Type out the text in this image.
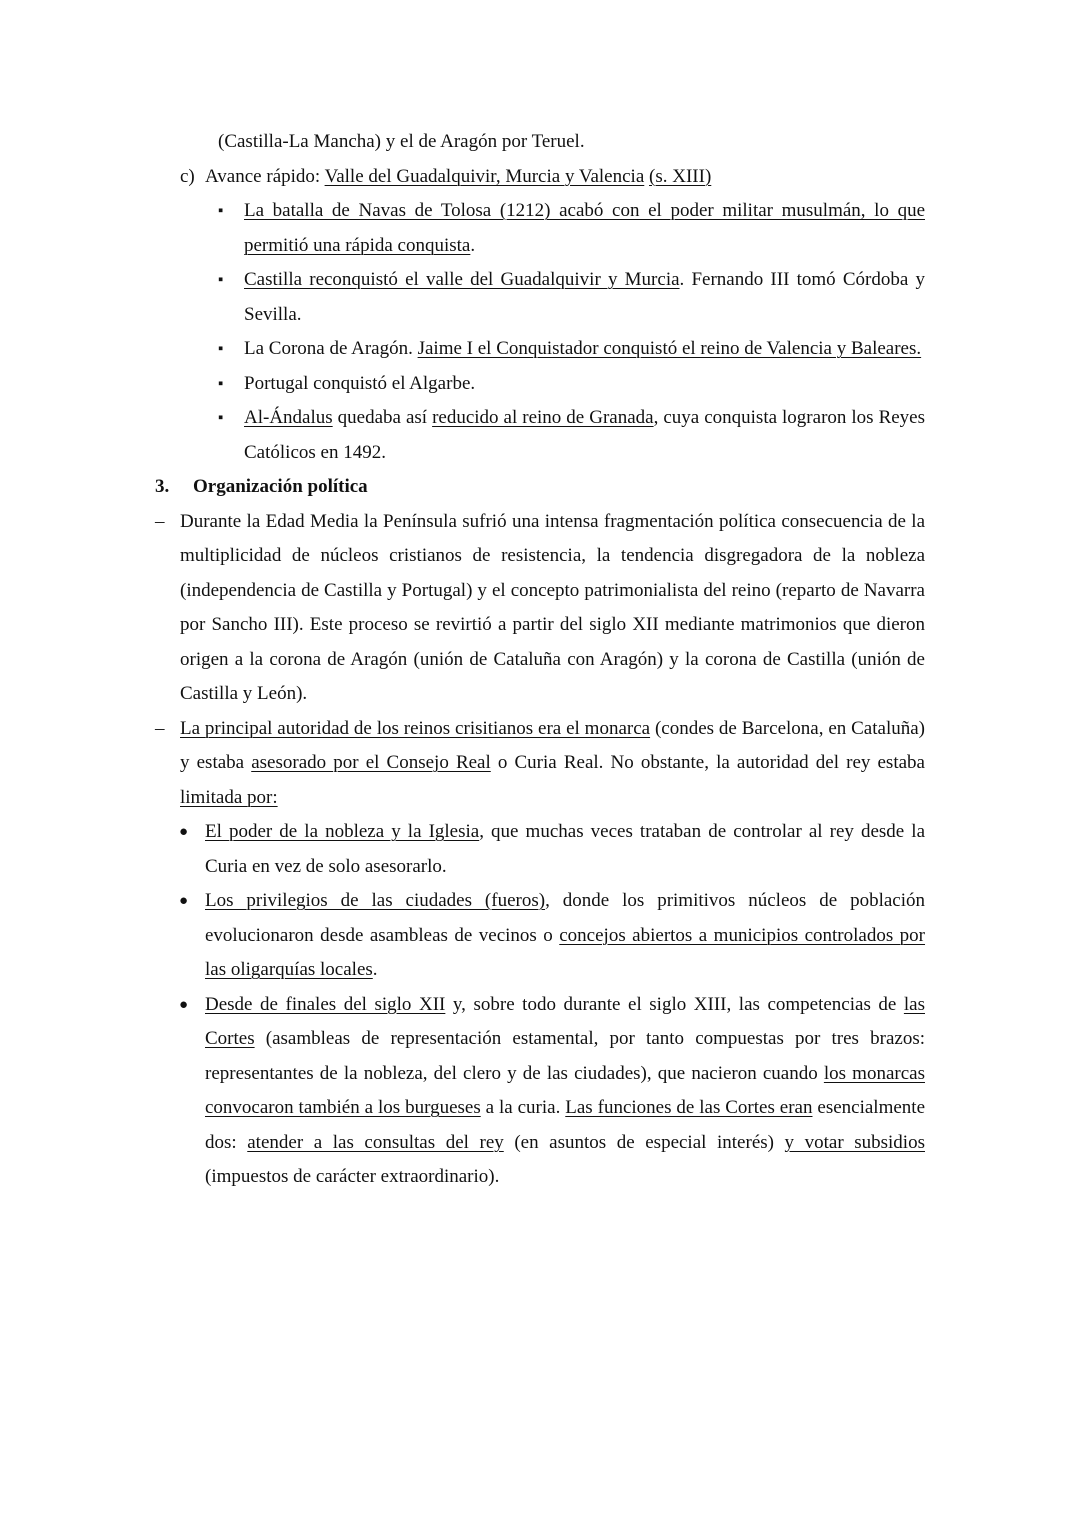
(Castilla-La Mancha) y el de Aragón por Teruel.
c) Avance rápido: Valle del Guadalquivir, Murcia y Valencia (s. XIII)
▪ La batalla de Navas de Tolosa (1212) acabó con el poder militar musulmán, lo que permitió una rápida conquista.
▪ Castilla reconquistó el valle del Guadalquivir y Murcia. Fernando III tomó Córdoba y Sevilla.
▪ La Corona de Aragón. Jaime I el Conquistador conquistó el reino de Valencia y Baleares.
▪ Portugal conquistó el Algarbe.
▪ Al-Ándalus quedaba así reducido al reino de Granada, cuya conquista lograron los Reyes Católicos en 1492.
3. Organización política
– Durante la Edad Media la Península sufrió una intensa fragmentación política consecuencia de la multiplicidad de núcleos cristianos de resistencia, la tendencia disgregadora de la nobleza (independencia de Castilla y Portugal) y el concepto patrimonialista del reino (reparto de Navarra por Sancho III). Este proceso se revirtió a partir del siglo XII mediante matrimonios que dieron origen a la corona de Aragón (unión de Cataluña con Aragón) y la corona de Castilla (unión de Castilla y León).
– La principal autoridad de los reinos crisitianos era el monarca (condes de Barcelona, en Cataluña) y estaba asesorado por el Consejo Real o Curia Real. No obstante, la autoridad del rey estaba limitada por:
● El poder de la nobleza y la Iglesia, que muchas veces trataban de controlar al rey desde la Curia en vez de solo asesorarlo.
● Los privilegios de las ciudades (fueros), donde los primitivos núcleos de población evolucionaron desde asambleas de vecinos o concejos abiertos a municipios controlados por las oligarquías locales.
● Desde de finales del siglo XII y, sobre todo durante el siglo XIII, las competencias de las Cortes (asambleas de representación estamental, por tanto compuestas por tres brazos: representantes de la nobleza, del clero y de las ciudades), que nacieron cuando los monarcas convocaron también a los burgueses a la curia. Las funciones de las Cortes eran esencialmente dos: atender a las consultas del rey (en asuntos de especial interés) y votar subsidios (impuestos de carácter extraordinario).
